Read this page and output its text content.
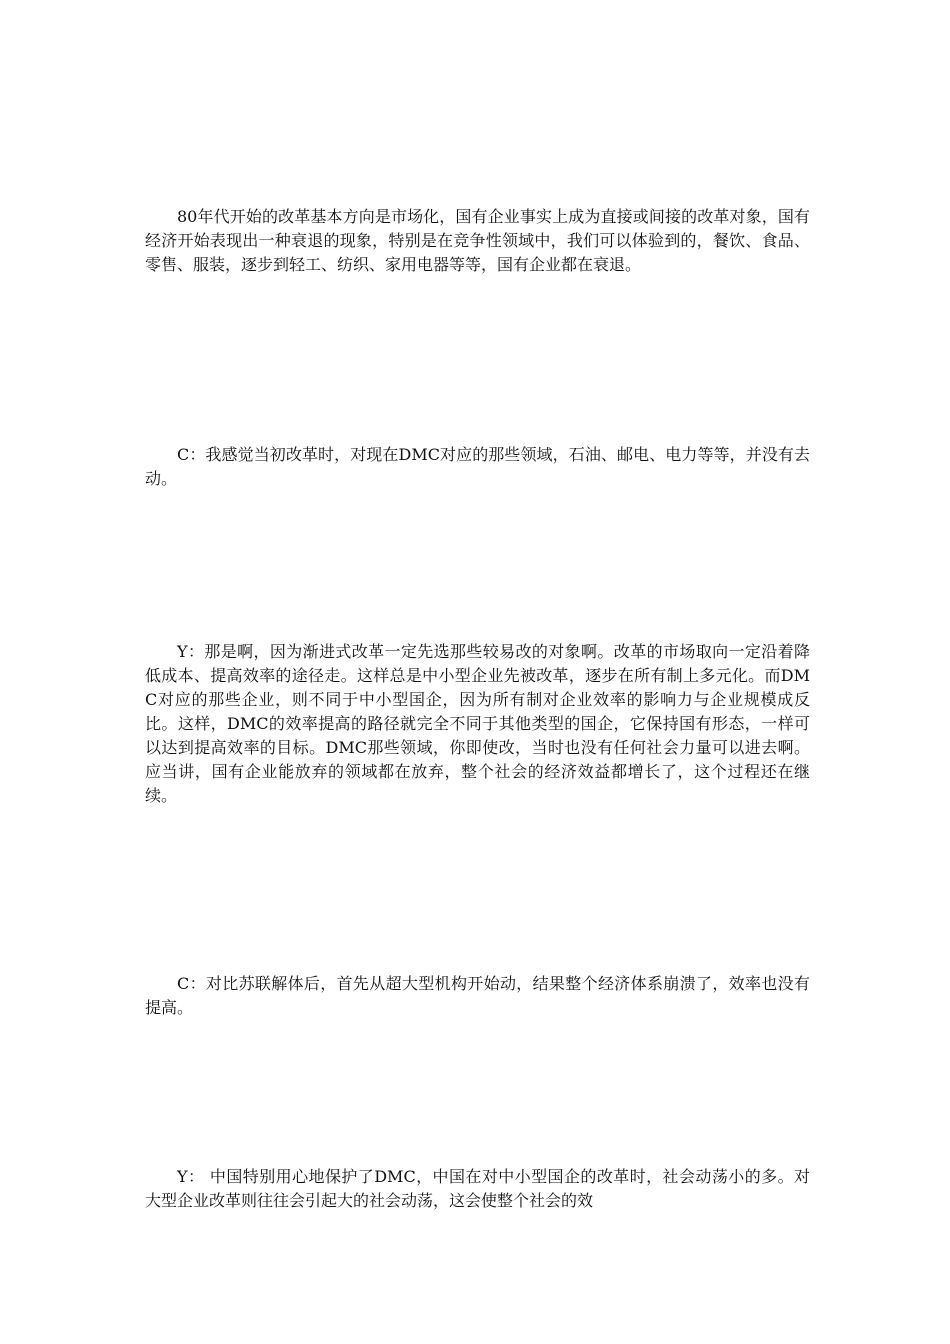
80年代开始的改革基本方向是市场化，国有企业事实上成为直接或间接的改革对象，国有经济开始表现出一种衰退的现象，特别是在竞争性领域中，我们可以体验到的，餐饮、食品、零售、服装，逐步到轻工、纺织、家用电器等等，国有企业都在衰退。

C：我感觉当初改革时，对现在DMC对应的那些领域，石油、邮电、电力等等，并没有去动。

Y：那是啊，因为渐进式改革一定先选那些较易改的对象啊。改革的市场取向一定沿着降低成本、提高效率的途径走。这样总是中小型企业先被改革，逐步在所有制上多元化。而DMC对应的那些企业，则不同于中小型国企，因为所有制对企业效率的影响力与企业规模成反比。这样，DMC的效率提高的路径就完全不同于其他类型的国企，它保持国有形态，一样可以达到提高效率的目标。DMC那些领域，你即使改，当时也没有任何社会力量可以进去啊。应当讲，国有企业能放弃的领域都在放弃，整个社会的经济效益都增长了，这个过程还在继续。

C：对比苏联解体后，首先从超大型机构开始动，结果整个经济体系崩溃了，效率也没有提高。

Y： 中国特别用心地保护了DMC，中国在对中小型国企的改革时，社会动荡小的多。对大型企业改革则往往会引起大的社会动荡，这会使整个社会的效
